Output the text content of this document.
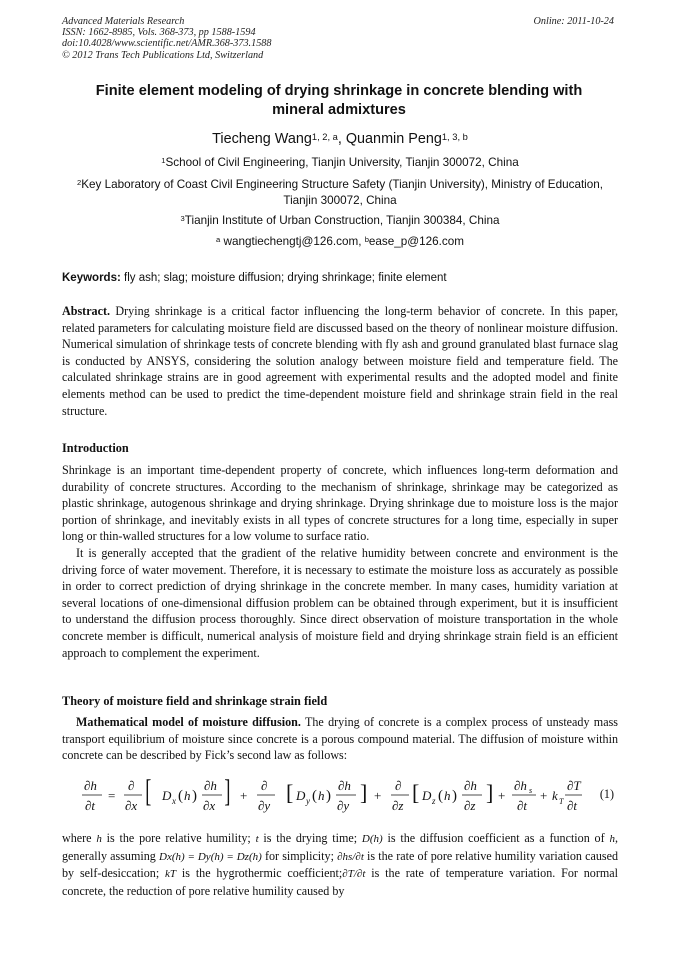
Advanced Materials Research
ISSN: 1662-8985, Vols. 368-373, pp 1588-1594
doi:10.4028/www.scientific.net/AMR.368-373.1588
© 2012 Trans Tech Publications Ltd, Switzerland
Online: 2011-10-24
Finite element modeling of drying shrinkage in concrete blending with mineral admixtures
Tiecheng Wang$^{1, 2, a}$, Quanmin Peng$^{1, 3, b}$
$^1$School of Civil Engineering, Tianjin University, Tianjin 300072, China
$^2$Key Laboratory of Coast Civil Engineering Structure Safety (Tianjin University), Ministry of Education, Tianjin 300072, China
$^3$Tianjin Institute of Urban Construction, Tianjin 300384, China
$^a$ wangtiechengtj@126.com, $^b$ease_p@126.com
Keywords: fly ash; slag; moisture diffusion; drying shrinkage; finite element

Abstract. Drying shrinkage is a critical factor influencing the long-term behavior of concrete. In this paper, related parameters for calculating moisture field are discussed based on the theory of nonlinear moisture diffusion. Numerical simulation of shrinkage tests of concrete blending with fly ash and ground granulated blast furnace slag is conducted by ANSYS, considering the solution analogy between moisture field and temperature field. The calculated shrinkage strains are in good agreement with experimental results and the adopted model and finite elements method can be used to predict the time-dependent moisture field and shrinkage strain field in the real structure.

Introduction

Shrinkage is an important time-dependent property of concrete, which influences long-term deformation and durability of concrete structures. According to the mechanism of shrinkage, shrinkage may be categorized as plastic shrinkage, autogenous shrinkage and drying shrinkage. Drying shrinkage due to moisture loss is the major portion of shrinkage, and inevitably exists in all types of concrete structures for a long time, especially in super long or thin-walled structures for a low volume to surface ratio.

It is generally accepted that the gradient of the relative humidity between concrete and environment is the driving force of water movement. Therefore, it is necessary to estimate the moisture loss as accurately as possible in order to correct prediction of drying shrinkage in the concrete member. In many cases, humidity variation at several locations of one-dimensional diffusion problem can be obtained through experiment, but it is insufficient to understand the diffusion process thoroughly. Since direct observation of moisture transportation in the whole concrete member is difficult, numerical analysis of moisture field and drying shrinkage strain field is an efficient approach to complement the experiment.

Theory of moisture field and shrinkage strain field

Mathematical model of moisture diffusion. The drying of concrete is a complex process of unsteady mass transport equilibrium of moisture since concrete is a porous compound material. The diffusion of moisture within concrete can be described by Fick’s second law as follows:

∂h
∂t
=
∂
∂x [ D x ( h )
∂h
∂x ] +
∂
∂y
[ D y ( h )
∂h
∂y
] +
∂
∂z
[ D z ( h )
∂h
∂z
] +
∂h s
∂t
+ k T
∂T
∂t
(1)

where h is the pore relative humility; t is the drying time; D(h) is the diffusion coefficient as a function of h, generally assuming Dx(h) = Dy(h) = Dz(h) for simplicity; ∂hs/∂t is the rate of pore relative humility variation caused by self-desiccation; kT is the hygrothermic coefficient;∂T/∂t is the rate of temperature variation. For normal concrete, the reduction of pore relative humility caused by
